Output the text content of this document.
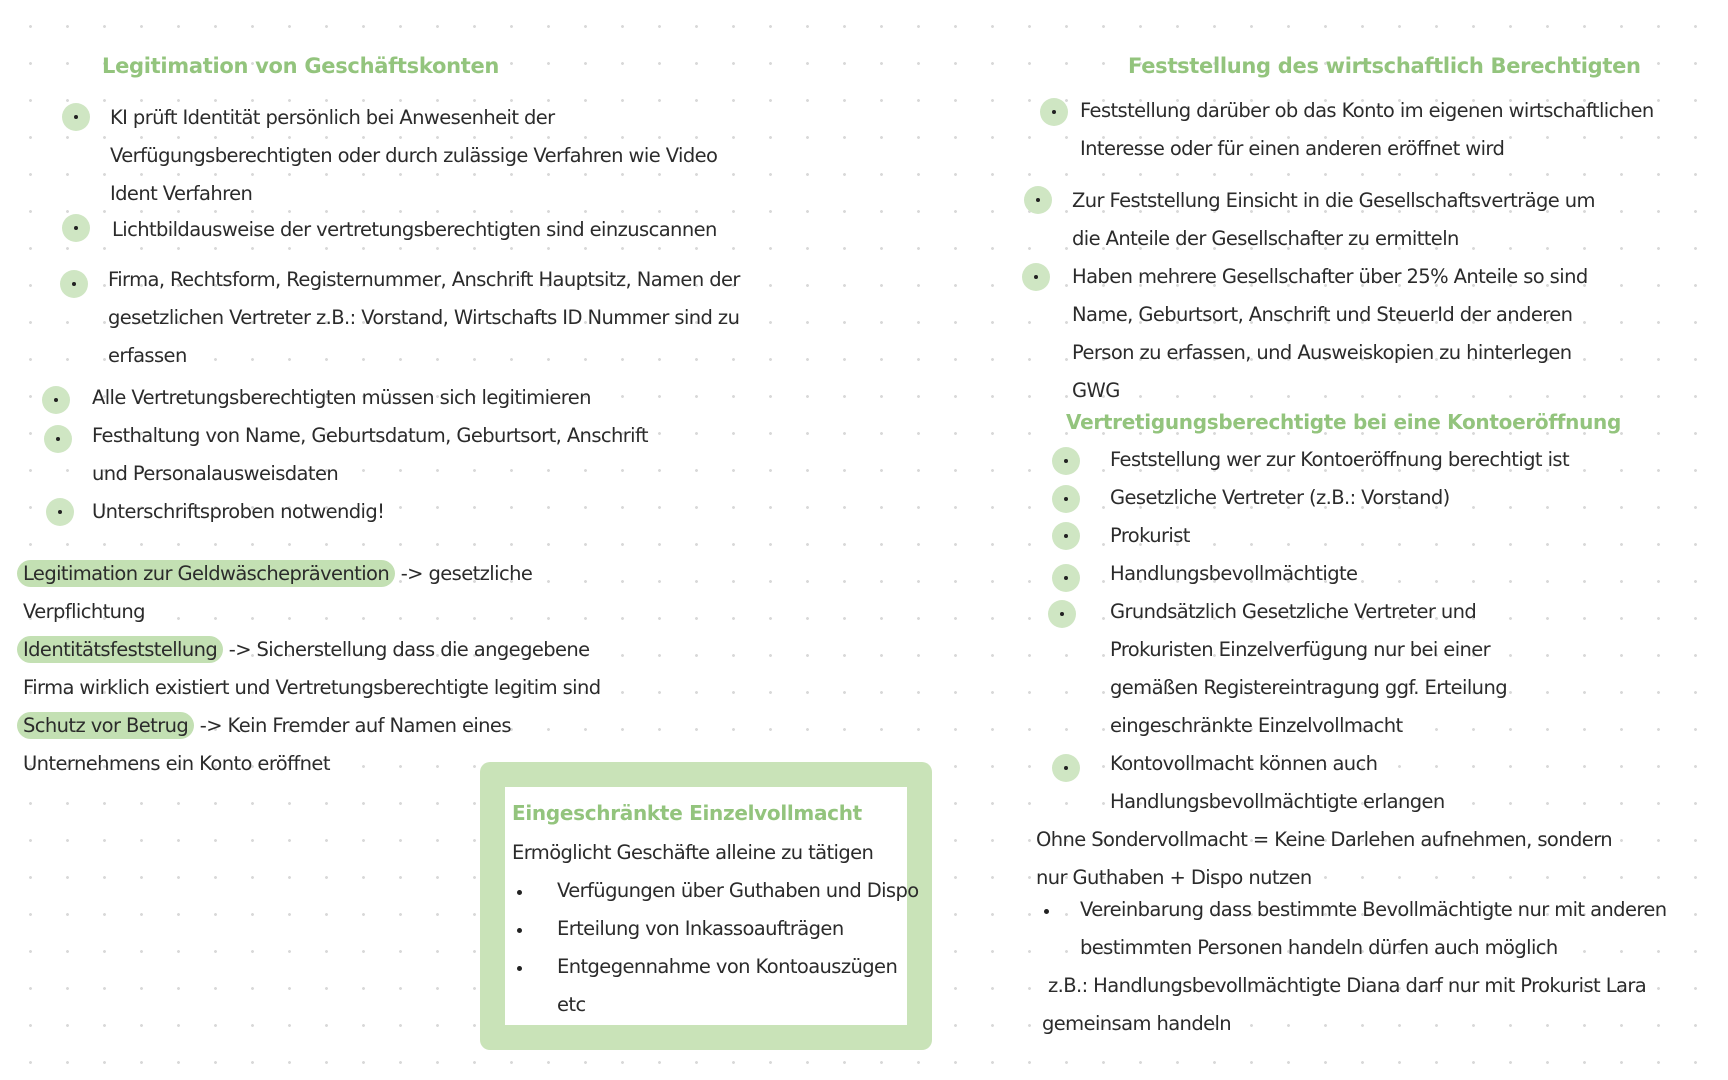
Legitimation von Geschäftskonten
KI prüft Identität persönlich bei Anwesenheit der
Verfügungsberechtigten oder durch zulässige Verfahren wie Video
Ident Verfahren
Lichtbildausweise der vertretungsberechtigten sind einzuscannen
Firma, Rechtsform, Registernummer, Anschrift Hauptsitz, Namen der
gesetzlichen Vertreter z.B.: Vorstand, Wirtschafts ID Nummer sind zu
erfassen
Alle Vertretungsberechtigten müssen sich legitimieren
Festhaltung von Name, Geburtsdatum, Geburtsort, Anschrift
und Personalausweisdaten
Unterschriftsproben notwendig!
Legitimation zur Geldwäscheprävention -> gesetzliche
Verpflichtung
Identitätsfeststellung -> Sicherstellung dass die angegebene
Firma wirklich existiert und Vertretungsberechtigte legitim sind
Schutz vor Betrug -> Kein Fremder auf Namen eines
Unternehmens ein Konto eröffnet
Eingeschränkte Einzelvollmacht
Ermöglicht Geschäfte alleine zu tätigen
Verfügungen über Guthaben und Dispo
Erteilung von Inkassoaufträgen
Entgegennahme von Kontoauszügen
etc
Feststellung des wirtschaftlich Berechtigten
Feststellung darüber ob das Konto im eigenen wirtschaftlichen
Interesse oder für einen anderen eröffnet wird
Zur Feststellung Einsicht in die Gesellschaftsverträge um
die Anteile der Gesellschafter zu ermitteln
Haben mehrere Gesellschafter über 25% Anteile so sind
Name, Geburtsort, Anschrift und SteuerId der anderen
Person zu erfassen, und Ausweiskopien zu hinterlegen
GWG
Vertretigungsberechtigte bei eine Kontoeröffnung
Feststellung wer zur Kontoeröffnung berechtigt ist
Gesetzliche Vertreter (z.B.: Vorstand)
Prokurist
Handlungsbevollmächtigte
Grundsätzlich Gesetzliche Vertreter und
Prokuristen Einzelverfügung nur bei einer
gemäßen Registereintragung ggf. Erteilung
eingeschränkte Einzelvollmacht
Kontovollmacht können auch
Handlungsbevollmächtigte erlangen
Ohne Sondervollmacht = Keine Darlehen aufnehmen, sondern
nur Guthaben + Dispo nutzen
Vereinbarung dass bestimmte Bevollmächtigte nur mit anderen
bestimmten Personen handeln dürfen auch möglich
z.B.: Handlungsbevollmächtigte Diana darf nur mit Prokurist Lara
gemeinsam handeln
